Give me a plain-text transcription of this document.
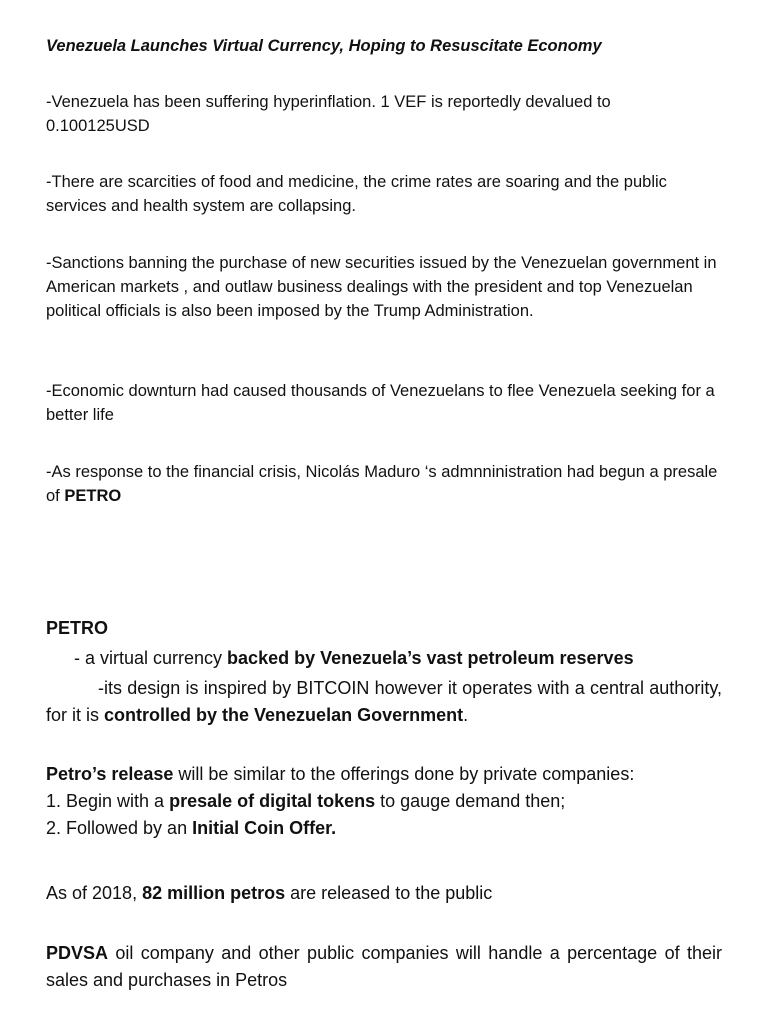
Venezuela Launches Virtual Currency, Hoping to Resuscitate Economy

-Venezuela has been suffering hyperinflation. 1 VEF is reportedly devalued to
0.100125USD

-There are scarcities of food and medicine, the crime rates are soaring and the public services and health system are collapsing.

-Sanctions banning the purchase of new securities issued by the Venezuelan government in American markets , and outlaw business dealings with the president and top Venezuelan political officials is also been imposed by the Trump Administration.

-Economic downturn had caused thousands of Venezuelans to flee Venezuela seeking for a better life

-As response to the financial crisis, Nicolás Maduro ‘s admnninistration had begun a presale of PETRO

PETRO

- a virtual currency backed by Venezuela’s vast petroleum reserves

-its design is inspired by BITCOIN however it operates with a central authority, for it is controlled by the Venezuelan Government.

Petro’s release will be similar to the offerings done by private companies:
1. Begin with a presale of digital tokens to gauge demand then;
2. Followed by an Initial Coin Offer.

As of 2018, 82 million petros are released to the public

PDVSA oil company and other public companies will handle a percentage of their sales and purchases in Petros
